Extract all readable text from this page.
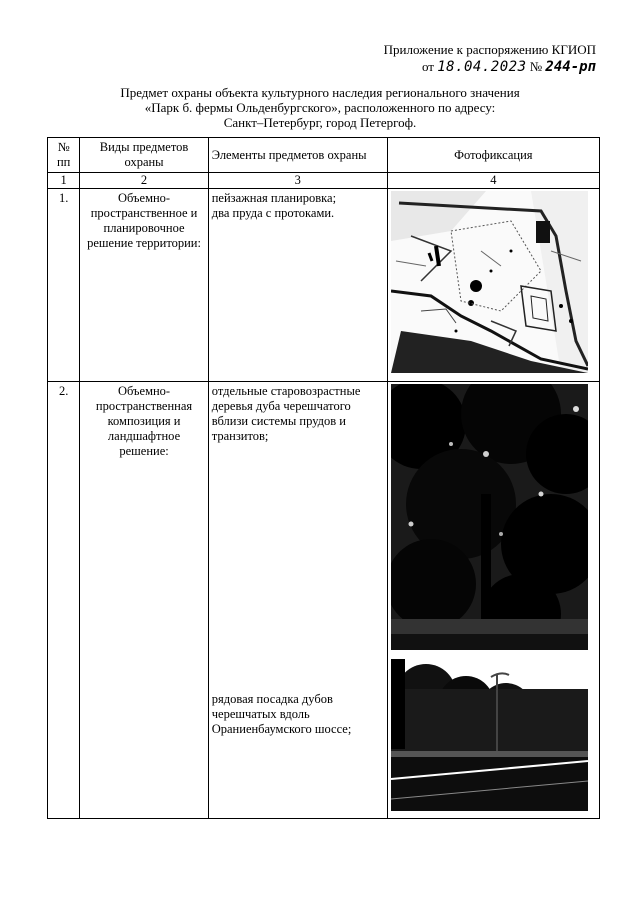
Приложение к распоряжению КГИОП
от 18.04.2023 № 244-рп
Предмет охраны объекта культурного наследия регионального значения
«Парк б. фермы Ольденбургского», расположенного по адресу:
Санкт–Петербург, город Петергоф.
№ пп	Виды предметов охраны	Элементы предметов охраны	Фотофиксация
1	2	3	4
1.	Объемно-пространственное и планировочное решение территории:	пейзажная планировка;
два пруда с протоками.

2.	Объемно-пространственная композиция и ландшафтное решение:	отдельные старовозрастные деревья дуба черешчатого вблизи системы прудов и транзитов;
рядовая посадка дубов черешчатых вдоль Ораниенбаумского шоссе;
